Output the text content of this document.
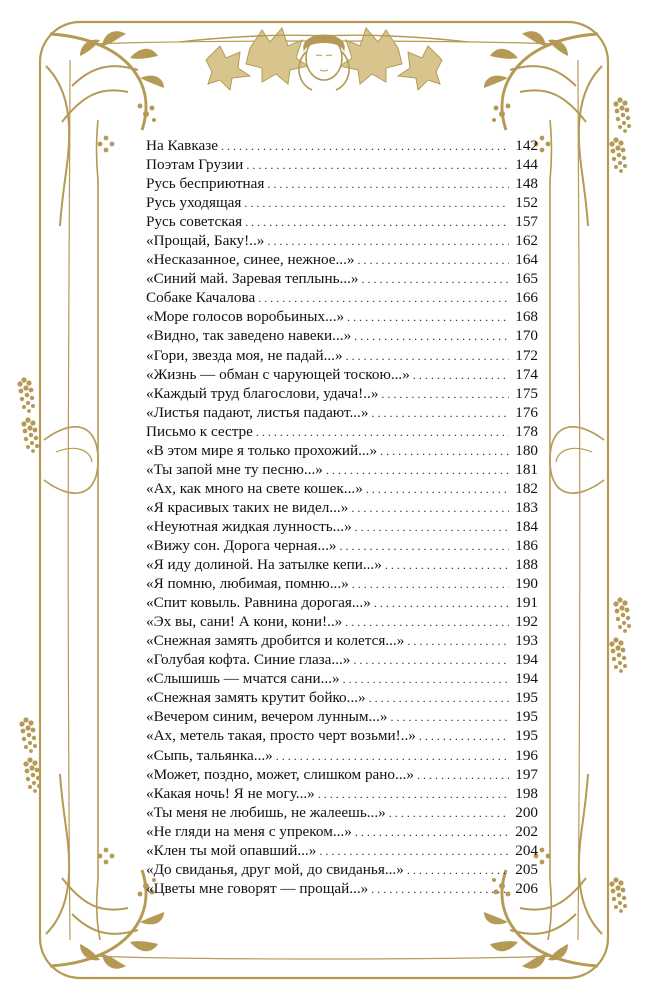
На Кавказе . . .	142
Поэтам Грузии . . .	144
Русь бесприютная . . .	148
Русь уходящая . . .	152
Русь советская . . .	157
«Прощай, Баку!..» . . .	162
«Несказанное, синее, нежное...» . . .	164
«Синий май. Заревая теплынь...» . . .	165
Собаке Качалова . . .	166
«Море голосов воробьиных...» . . .	168
«Видно, так заведено навеки...» . . .	170
«Гори, звезда моя, не падай...» . . .	172
«Жизнь — обман с чарующей тоскою...» . . .	174
«Каждый труд благослови, удача!..» . . .	175
«Листья падают, листья падают...» . . .	176
Письмо к сестре . . .	178
«В этом мире я только прохожий...» . . .	180
«Ты запой мне ту песню...» . . .	181
«Ах, как много на свете кошек...» . . .	182
«Я красивых таких не видел...» . . .	183
«Неуютная жидкая лунность...» . . .	184
«Вижу сон. Дорога черная...» . . .	186
«Я иду долиной. На затылке кепи...» . . .	188
«Я помню, любимая, помню...» . . .	190
«Спит ковыль. Равнина дорогая...» . . .	191
«Эх вы, сани! А кони, кони!..» . . .	192
«Снежная замять дробится и колется...» . . .	193
«Голубая кофта. Синие глаза...» . . .	194
«Слышишь — мчатся сани...» . . .	194
«Снежная замять крутит бойко...» . . .	195
«Вечером синим, вечером лунным...» . . .	195
«Ах, метель такая, просто черт возьми!..» . . .	195
«Сыпь, тальянка...» . . .	196
«Может, поздно, может, слишком рано...» . . .	197
«Какая ночь! Я не могу...» . . .	198
«Ты меня не любишь, не жалеешь...» . . .	200
«Не гляди на меня с упреком...» . . .	202
«Клен ты мой опавший...» . . .	204
«До свиданья, друг мой, до свиданья...» . . .	205
«Цветы мне говорят — прощай...» . . .	206
